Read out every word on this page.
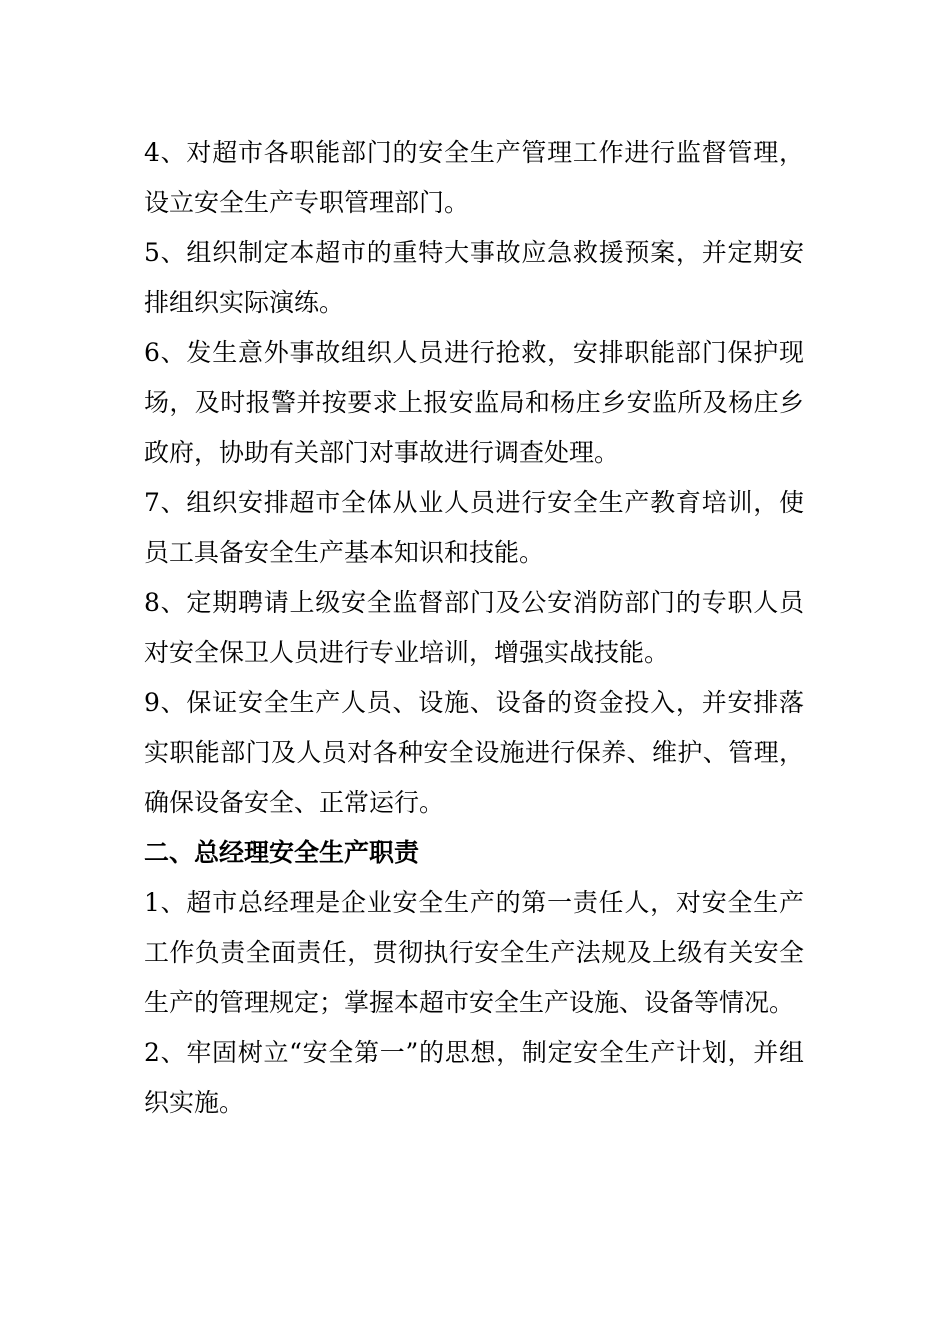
4、对超市各职能部门的安全生产管理工作进行监督管理，设立安全生产专职管理部门。

5、组织制定本超市的重特大事故应急救援预案，并定期安排组织实际演练。

6、发生意外事故组织人员进行抢救，安排职能部门保护现场，及时报警并按要求上报安监局和杨庄乡安监所及杨庄乡政府，协助有关部门对事故进行调查处理。

7、组织安排超市全体从业人员进行安全生产教育培训，使员工具备安全生产基本知识和技能。

8、定期聘请上级安全监督部门及公安消防部门的专职人员对安全保卫人员进行专业培训，增强实战技能。

9、保证安全生产人员、设施、设备的资金投入，并安排落实职能部门及人员对各种安全设施进行保养、维护、管理，确保设备安全、正常运行。

二、总经理安全生产职责

1、超市总经理是企业安全生产的第一责任人，对安全生产工作负责全面责任，贯彻执行安全生产法规及上级有关安全生产的管理规定；掌握本超市安全生产设施、设备等情况。

2、牢固树立“安全第一”的思想，制定安全生产计划，并组织实施。
